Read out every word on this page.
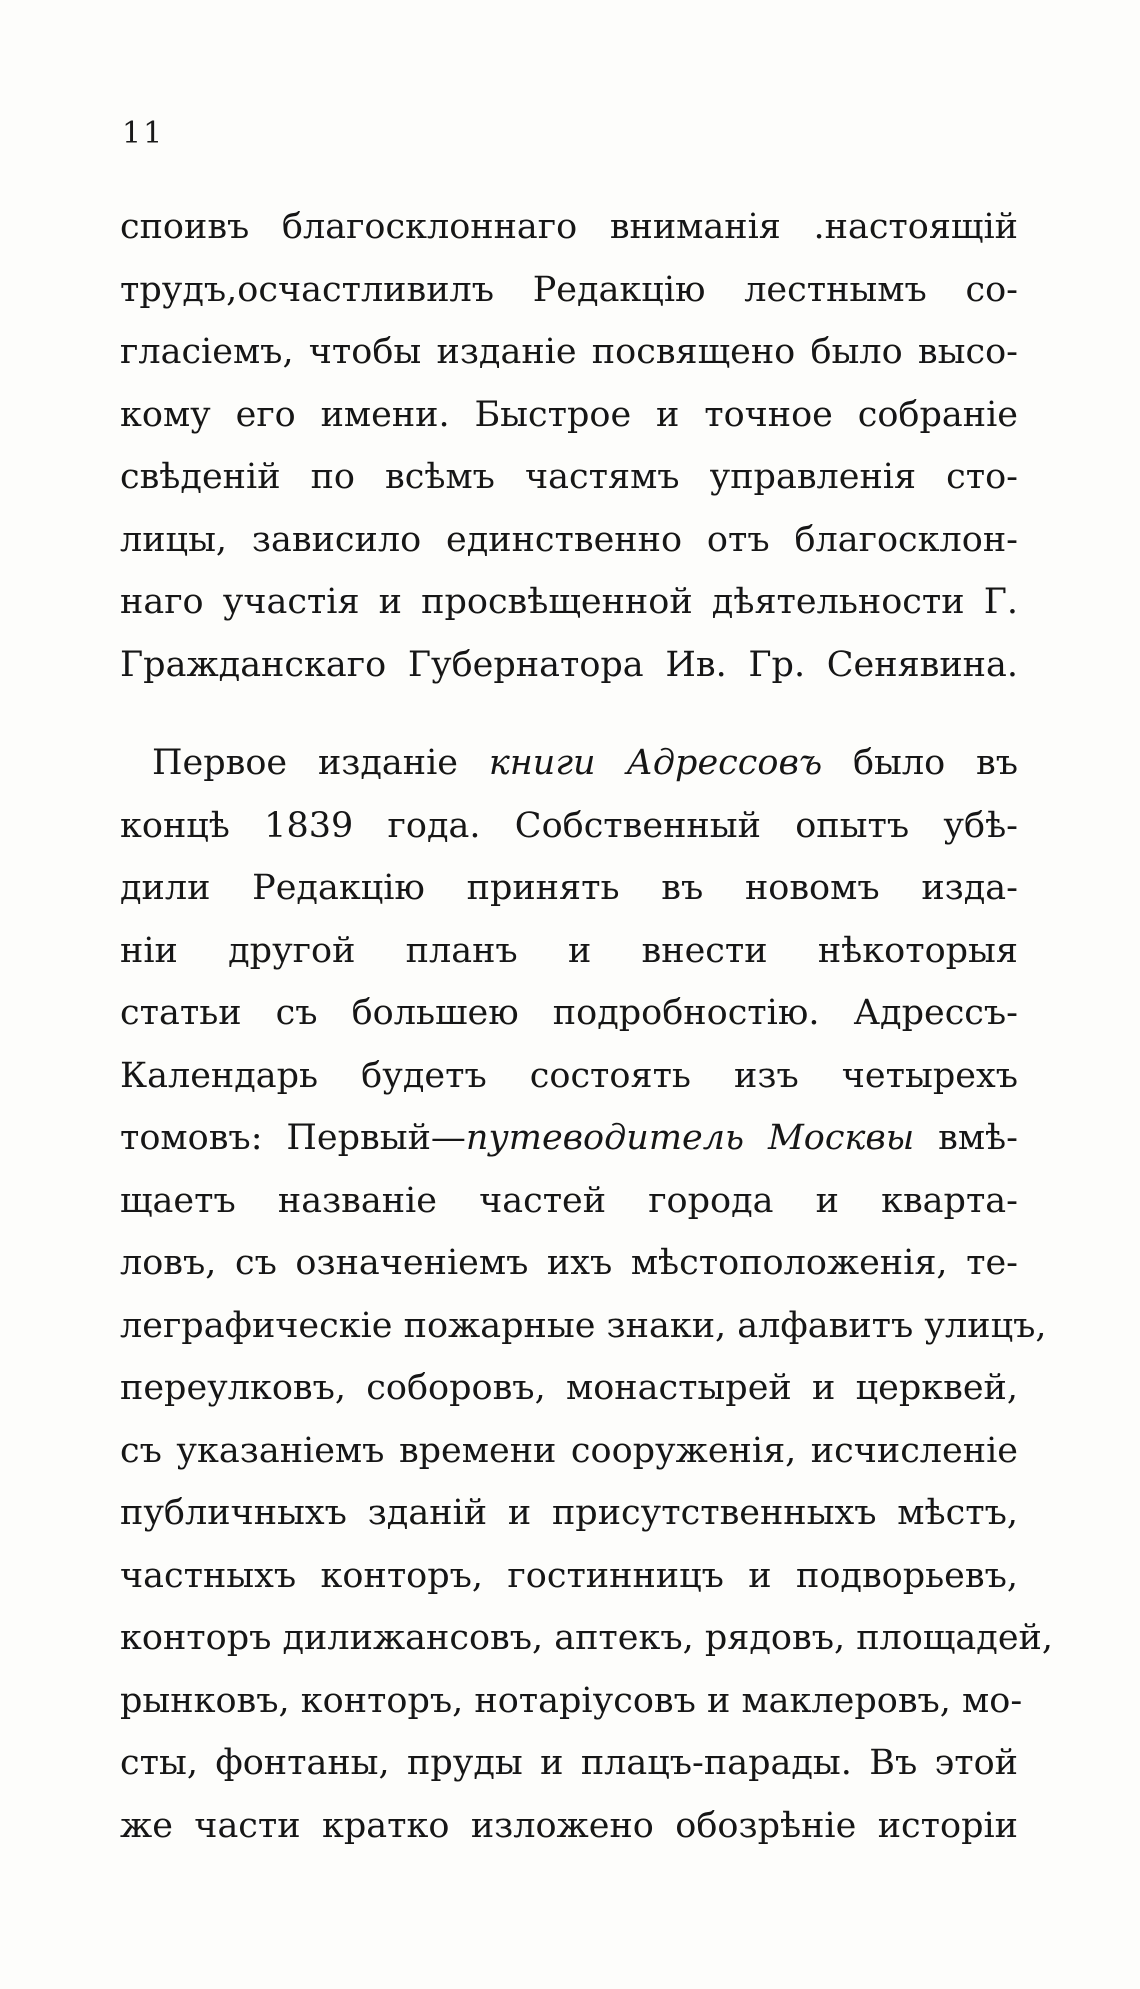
11
споивъ благосклоннаго вниманія .настоящій
трудъ,осчастливилъ Редакцію лестнымъ со-
гласіемъ, чтобы изданіе посвящено было высо-
кому его имени. Быстрое и точное собраніе
свѣденій по всѣмъ частямъ управленія сто-
лицы, зависило единственно отъ благосклон-
наго участія и просвѣщенной дѣятельности Г.
Гражданскаго Губернатора Ив. Гр. Сенявина.
Первое изданіе книги Адрессовъ было въ
концѣ 1839 года. Собственный опытъ убѣ-
дили Редакцію принять въ новомъ изда-
ніи другой планъ и внести нѣкоторыя
статьи съ большею подробностію. Адрессъ-
Календарь будетъ состоять изъ четырехъ
томовъ: Первый—путеводитель Москвы вмѣ-
щаетъ названіе частей города и кварта-
ловъ, съ означеніемъ ихъ мѣстоположенія, те-
леграфическіе пожарные знаки, алфавитъ улицъ,
переулковъ, соборовъ, монастырей и церквей,
съ указаніемъ времени сооруженія, исчисленіе
публичныхъ зданій и присутственныхъ мѣстъ,
частныхъ конторъ, гостинницъ и подворьевъ,
конторъ дилижансовъ, аптекъ, рядовъ, площадей,
рынковъ, конторъ, нотаріусовъ и маклеровъ, мо-
сты, фонтаны, пруды и плацъ-парады. Въ этой
же части кратко изложено обозрѣніе исторіи
